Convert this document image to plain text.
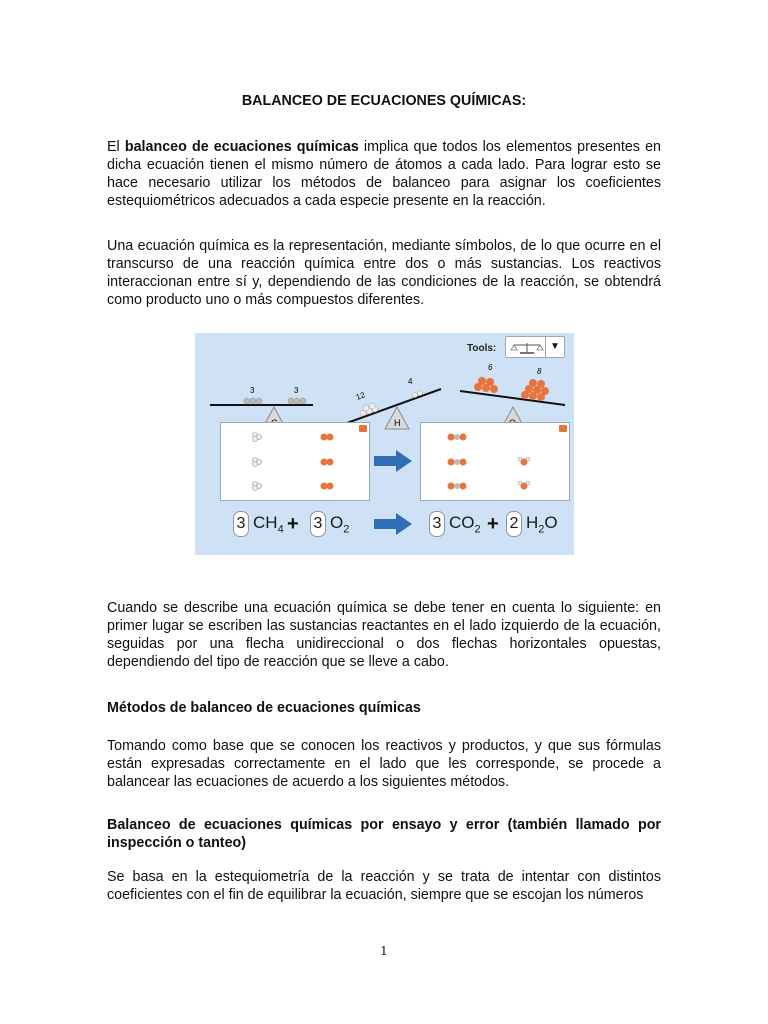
BALANCEO DE ECUACIONES QUÍMICAS:

El balanceo de ecuaciones químicas implica que todos los elementos presentes en dicha ecuación tienen el mismo número de átomos a cada lado. Para lograr esto se hace necesario utilizar los métodos de balanceo para asignar los coeficientes estequiométricos adecuados a cada especie presente en la reacción.

Una ecuación química es la representación, mediante símbolos, de lo que ocurre en el transcurso de una reacción química entre dos o más sustancias. Los reactivos interaccionan entre sí y, dependiendo de las condiciones de la reacción, se obtendrá como producto uno o más compuestos diferentes.

Tools:	▼
3	3	12
4
H
6	8
3 $CH_4 + 3$ $O_2$	3 $CO_2 + 2$ $H_2O$

Cuando se describe una ecuación química se debe tener en cuenta lo siguiente: en primer lugar se escriben las sustancias reactantes en el lado izquierdo de la ecuación, seguidas por una flecha unidireccional o dos flechas horizontales opuestas, dependiendo del tipo de reacción que se lleve a cabo.

Métodos de balanceo de ecuaciones químicas

Tomando como base que se conocen los reactivos y productos, y que sus fórmulas están expresadas correctamente en el lado que les corresponde, se procede a balancear las ecuaciones de acuerdo a los siguientes métodos.

Balanceo de ecuaciones químicas por ensayo y error (también llamado por inspección o tanteo)

Se basa en la estequiometría de la reacción y se trata de intentar con distintos coeficientes con el fin de equilibrar la ecuación, siempre que se escojan los números

1
